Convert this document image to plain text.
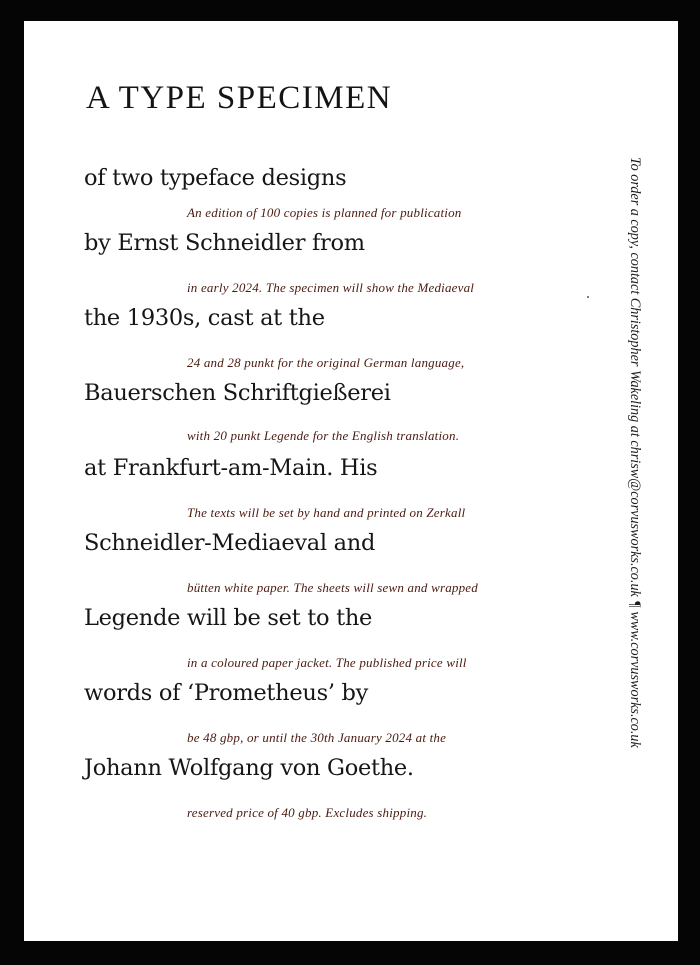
A TYPE SPECIMEN
of two typeface designs
An edition of 100 copies is planned for publication
by Ernst Schneidler from
in early 2024. The specimen will show the Mediaeval
the 1930s, cast at the
24 and 28 punkt for the original German language,
Bauerschen Schriftgießerei
with 20 punkt Legende for the English translation.
at Frankfurt-am-Main. His
The texts will be set by hand and printed on Zerkall
Schneidler-Mediaeval and
bütten white paper. The sheets will sewn and wrapped
Legende will be set to the
in a coloured paper jacket. The published price will
words of ‘Prometheus’ by
be 48 gbp, or until the 30th January 2024 at the
Johann Wolfgang von Goethe.
reserved price of 40 gbp. Excludes shipping.
To order a copy, contact Christopher Wakeling at chrisw@corvusworks.co.uk ¶ www.corvusworks.co.uk
